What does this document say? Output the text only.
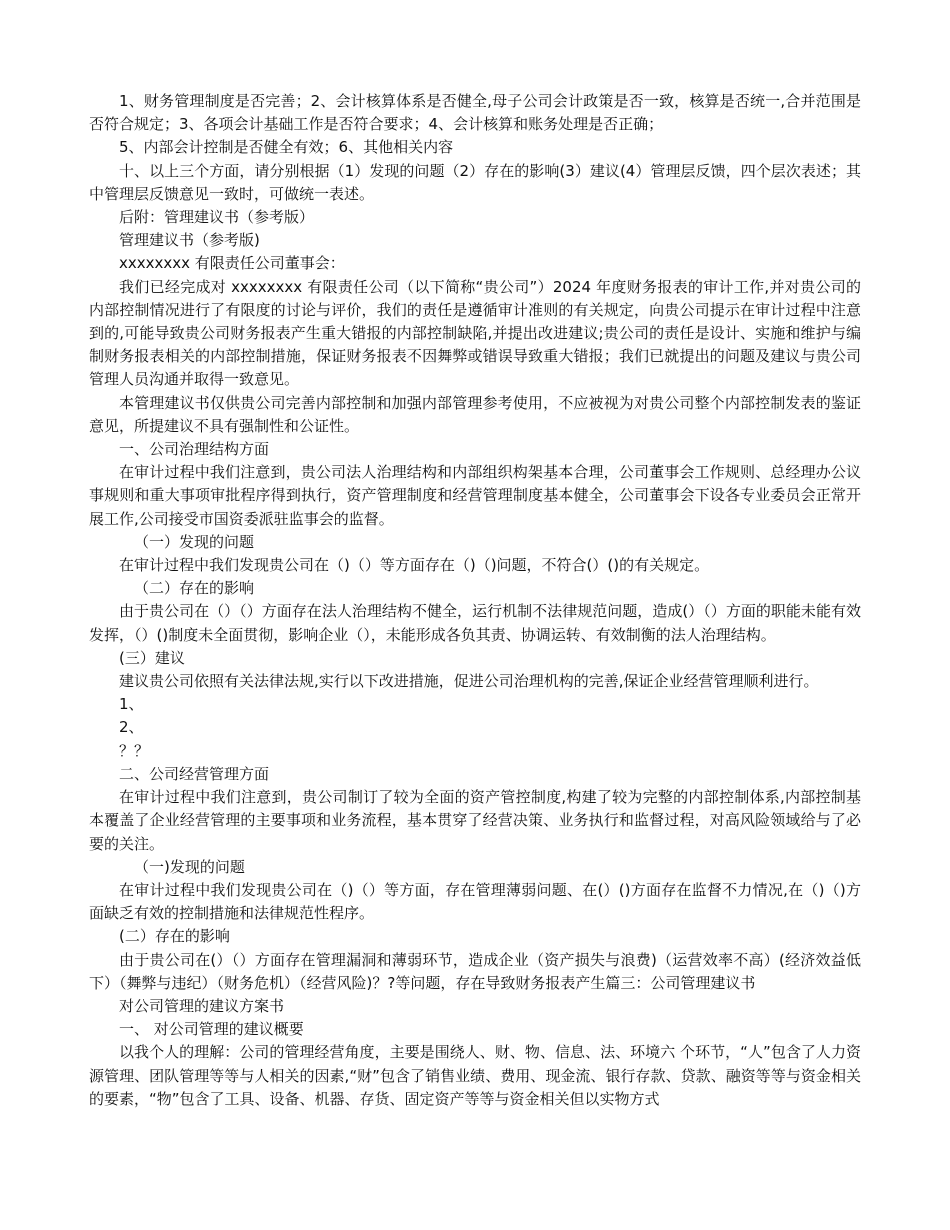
1、财务管理制度是否完善；2、会计核算体系是否健全,母子公司会计政策是否一致，核算是否统一,合并范围是否符合规定；3、各项会计基础工作是否符合要求；4、会计核算和账务处理是否正确；

5、内部会计控制是否健全有效；6、其他相关内容

十、以上三个方面，请分别根据（1）发现的问题（2）存在的影响(3）建议(4）管理层反馈，四个层次表述；其中管理层反馈意见一致时，可做统一表述。

后附：管理建议书（参考版）

管理建议书（参考版)

xxxxxxxx 有限责任公司董事会：

我们已经完成对 xxxxxxxx 有限责任公司（以下简称“贵公司”）2024 年度财务报表的审计工作,并对贵公司的内部控制情况进行了有限度的讨论与评价，我们的责任是遵循审计准则的有关规定，向贵公司提示在审计过程中注意到的,可能导致贵公司财务报表产生重大错报的内部控制缺陷,并提出改进建议;贵公司的责任是设计、实施和维护与编制财务报表相关的内部控制措施，保证财务报表不因舞弊或错误导致重大错报；我们已就提出的问题及建议与贵公司管理人员沟通并取得一致意见。

本管理建议书仅供贵公司完善内部控制和加强内部管理参考使用，不应被视为对贵公司整个内部控制发表的鉴证意见，所提建议不具有强制性和公证性。

一、公司治理结构方面

在审计过程中我们注意到，贵公司法人治理结构和内部组织构架基本合理，公司董事会工作规则、总经理办公议事规则和重大事项审批程序得到执行，资产管理制度和经营管理制度基本健全，公司董事会下设各专业委员会正常开展工作,公司接受市国资委派驻监事会的监督。

（一）发现的问题

在审计过程中我们发现贵公司在（)（）等方面存在（)（)问题，不符合(）()的有关规定。

（二）存在的影响

由于贵公司在（）（）方面存在法人治理结构不健全，运行机制不法律规范问题，造成(）（）方面的职能未能有效发挥，（）()制度未全面贯彻，影响企业（），未能形成各负其责、协调运转、有效制衡的法人治理结构。

(三）建议

建议贵公司依照有关法律法规,实行以下改进措施，促进公司治理机构的完善,保证企业经营管理顺利进行。

1、

2、

？？

二、公司经营管理方面

在审计过程中我们注意到，贵公司制订了较为全面的资产管控制度,构建了较为完整的内部控制体系,内部控制基本覆盖了企业经营管理的主要事项和业务流程，基本贯穿了经营决策、业务执行和监督过程，对高风险领域给与了必要的关注。

（一)发现的问题

在审计过程中我们发现贵公司在（)（）等方面，存在管理薄弱问题、在(）()方面存在监督不力情况,在（)（)方面缺乏有效的控制措施和法律规范性程序。

(二）存在的影响

由于贵公司在(）（）方面存在管理漏洞和薄弱环节，造成企业（资产损失与浪费)（运营效率不高）(经济效益低下）（舞弊与违纪）（财务危机）（经营风险)？?等问题，存在导致财务报表产生篇三：公司管理建议书

对公司管理的建议方案书

一、 对公司管理的建议概要

以我个人的理解：公司的管理经营角度，主要是围绕人、财、物、信息、法、环境六 个环节，“人”包含了人力资源管理、团队管理等等与人相关的因素,“财”包含了销售业绩、费用、现金流、银行存款、贷款、融资等等与资金相关的要素，“物”包含了工具、设备、机器、存货、固定资产等等与资金相关但以实物方式
